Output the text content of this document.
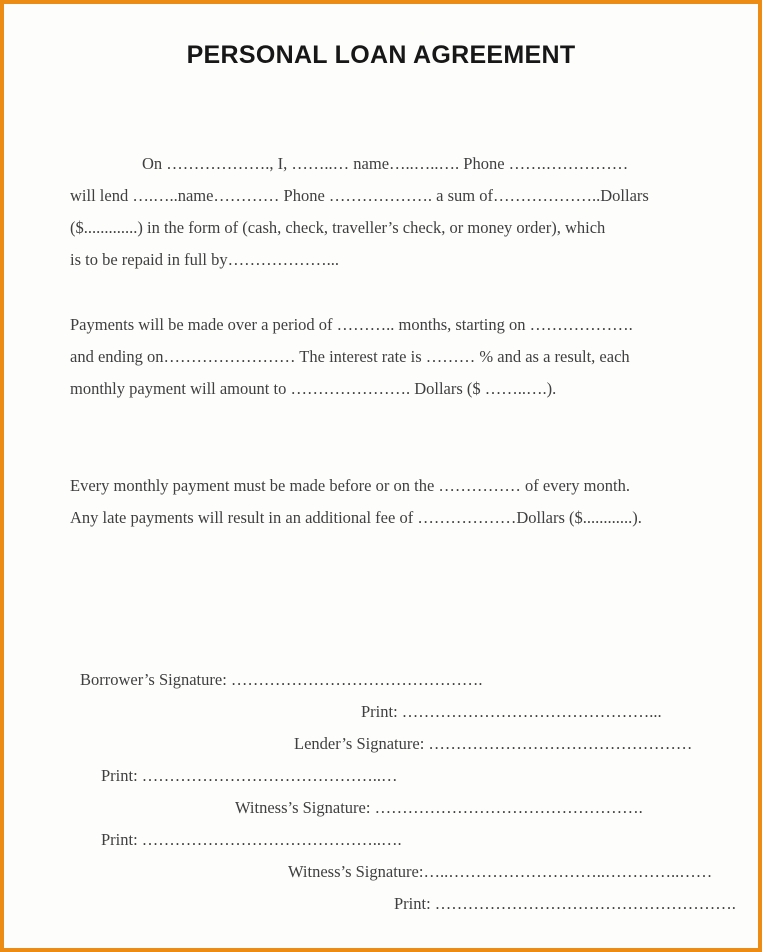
PERSONAL LOAN AGREEMENT
On ………………., I, ……..… name…..…..…. Phone …….……………
will lend ….…..name………… Phone ………………. a sum of………………..Dollars
($.............) in the form of (cash, check, traveller’s check, or money order), which
is to be repaid in full by………………...
Payments will be made over a period of ……….. months, starting on ……………….
and ending on…………………… The interest rate is ……… % and as a result, each
monthly payment will amount to …………………. Dollars ($ ……..….).
Every monthly payment must be made before or on the …………… of every month.
Any late payments will result in an additional fee of ………………Dollars ($............).
Borrower’s Signature: ……………………………………….
Print: ………………………………………...
Lender’s Signature: …………………………………………
Print: ……………………………………..…
Witness’s Signature: ………………………………………….
Print: ……………………………………..….
Witness’s Signature:…..………………………..…………..……
Print: ……………………………………………….
